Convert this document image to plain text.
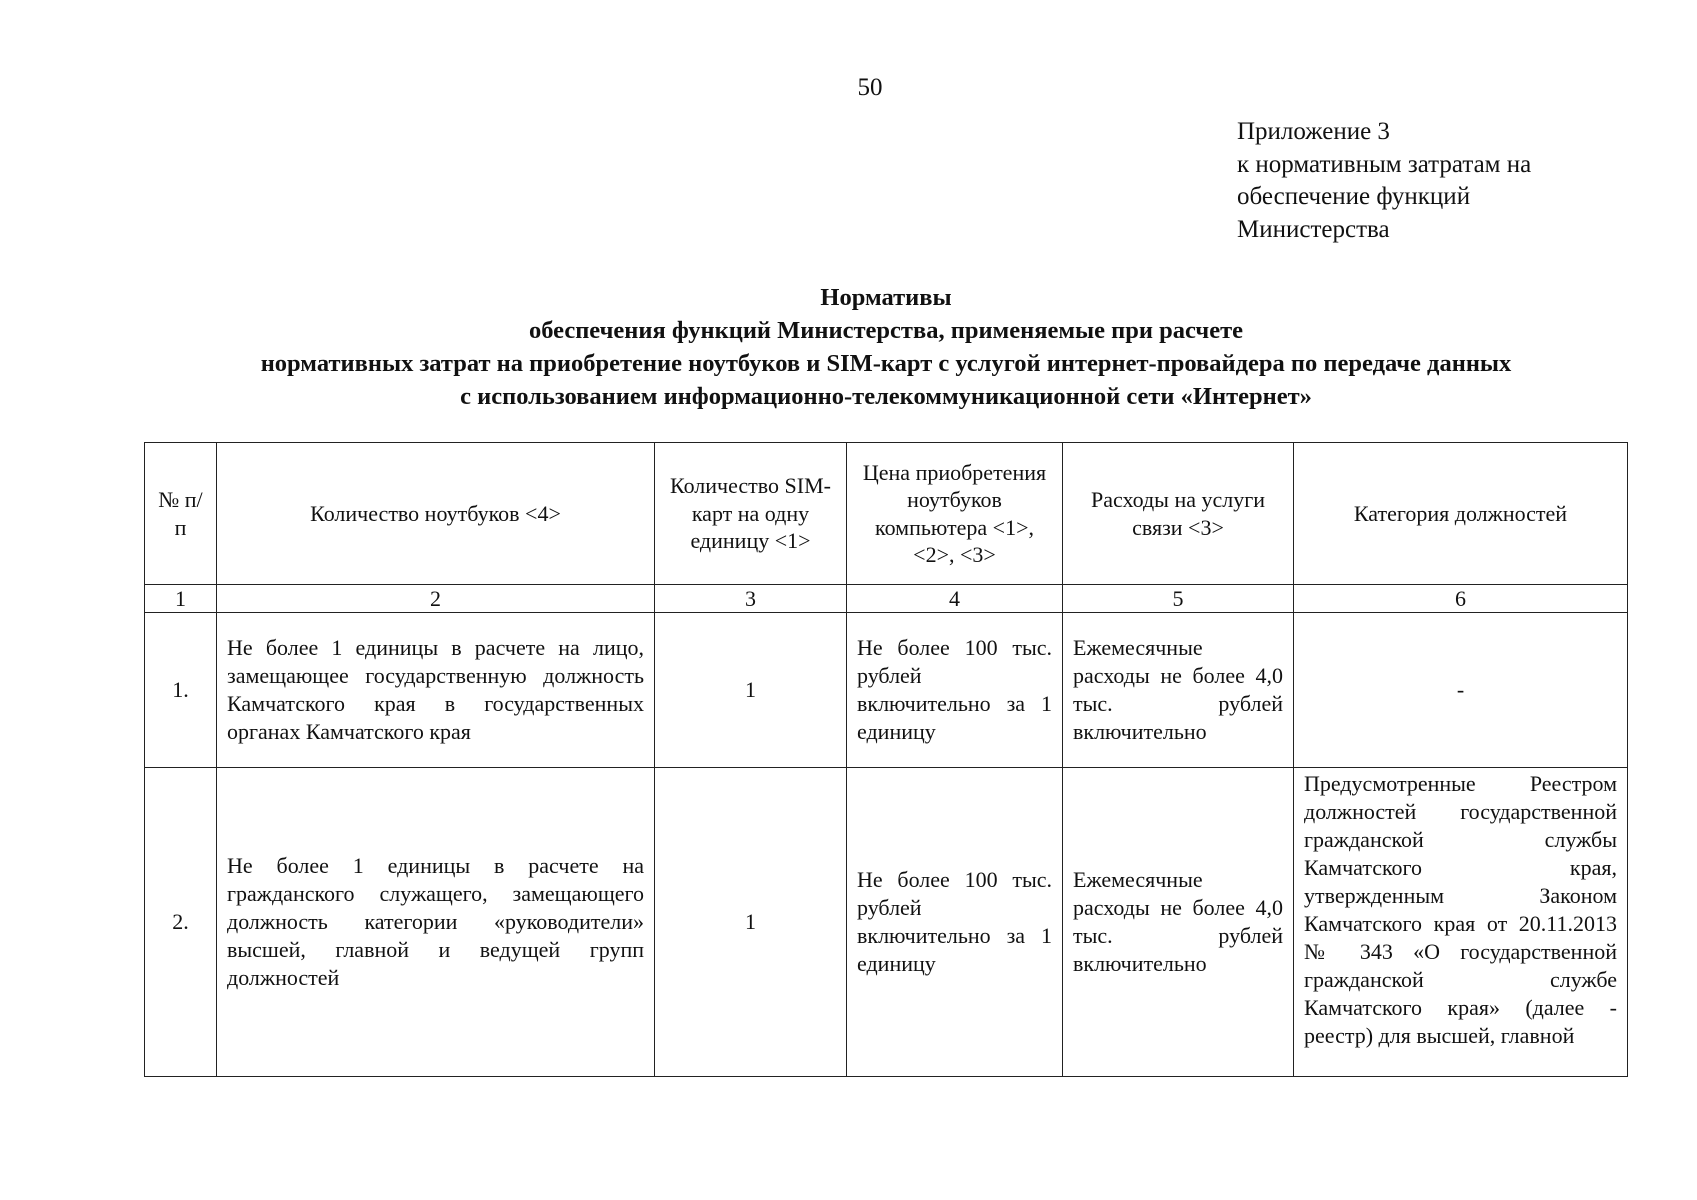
50
Приложение 3
к нормативным затратам на
обеспечение функций
Министерства
Нормативы
обеспечения функций Министерства, применяемые при расчете
нормативных затрат на приобретение ноутбуков и SIM-карт с услугой интернет-провайдера по передаче данных
с использованием информационно-телекоммуникационной сети «Интернет»
№ п/п	Количество ноутбуков <4>	Количество SIM-карт на одну единицу <1>	Цена приобретения ноутбуков компьютера <1>, <2>, <3>	Расходы на услуги связи <3>	Категория должностей
1	2	3	4	5	6
1.	Не более 1 единицы в расчете на лицо, замещающее государственную должность Камчатского края в государственных органах Камчатского края	1	Не более 100 тыс. рублей включительно за 1 единицу	Ежемесячные расходы не более 4,0 тыс. рублей включительно	-
2.	Не более 1 единицы в расчете на гражданского служащего, замещающего должность категории «руководители» высшей, главной и ведущей групп должностей	1	Не более 100 тыс. рублей включительно за 1 единицу	Ежемесячные расходы не более 4,0 тыс. рублей включительно	Предусмотренные Реестром должностей государственной гражданской службы Камчатского края, утвержденным Законом Камчатского края от 20.11.2013 № 343 «О государственной гражданской службе Камчатского края» (далее - реестр) для высшей, главной
